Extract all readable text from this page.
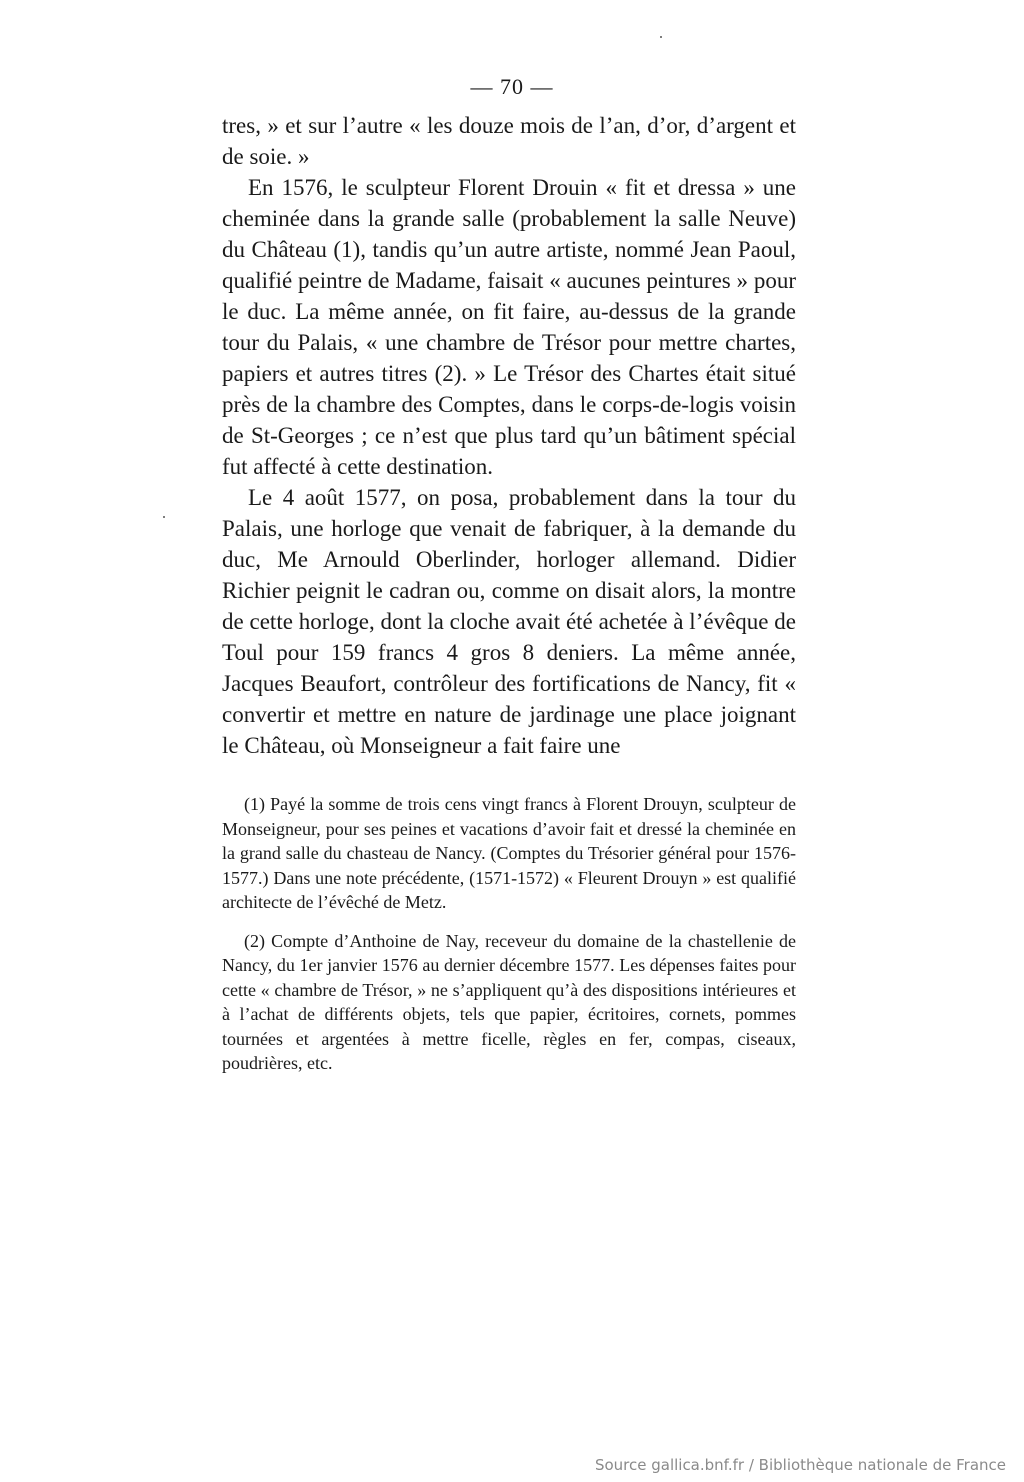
— 70 —

tres, » et sur l’autre « les douze mois de l’an, d’or, d’argent et de soie. »

En 1576, le sculpteur Florent Drouin « fit et dressa » une cheminée dans la grande salle (probablement la salle Neuve) du Château (1), tandis qu’un autre artiste, nommé Jean Paoul, qualifié peintre de Madame, faisait « aucunes peintures » pour le duc. La même année, on fit faire, au-dessus de la grande tour du Palais, « une chambre de Trésor pour mettre chartes, papiers et autres titres (2). » Le Trésor des Chartes était situé près de la chambre des Comptes, dans le corps-de-logis voisin de St-Georges ; ce n’est que plus tard qu’un bâtiment spécial fut affecté à cette destination.

Le 4 août 1577, on posa, probablement dans la tour du Palais, une horloge que venait de fabriquer, à la demande du duc, Me Arnould Oberlinder, horloger allemand. Didier Richier peignit le cadran ou, comme on disait alors, la montre de cette horloge, dont la cloche avait été achetée à l’évêque de Toul pour 159 francs 4 gros 8 deniers. La même année, Jacques Beaufort, contrôleur des fortifications de Nancy, fit « convertir et mettre en nature de jardinage une place joignant le Château, où Monseigneur a fait faire une

(1) Payé la somme de trois cens vingt francs à Florent Drouyn, sculpteur de Monseigneur, pour ses peines et vacations d’avoir fait et dressé la cheminée en la grand salle du chasteau de Nancy. (Comptes du Trésorier général pour 1576-1577.) Dans une note précédente, (1571-1572) « Fleurent Drouyn » est qualifié architecte de l’évêché de Metz.

(2) Compte d’Anthoine de Nay, receveur du domaine de la chastellenie de Nancy, du 1er janvier 1576 au dernier décembre 1577. Les dépenses faites pour cette « chambre de Trésor, » ne s’appliquent qu’à des dispositions intérieures et à l’achat de différents objets, tels que papier, écritoires, cornets, pommes tournées et argentées à mettre ficelle, règles en fer, compas, ciseaux, poudrières, etc.

Source gallica.bnf.fr / Bibliothèque nationale de France
